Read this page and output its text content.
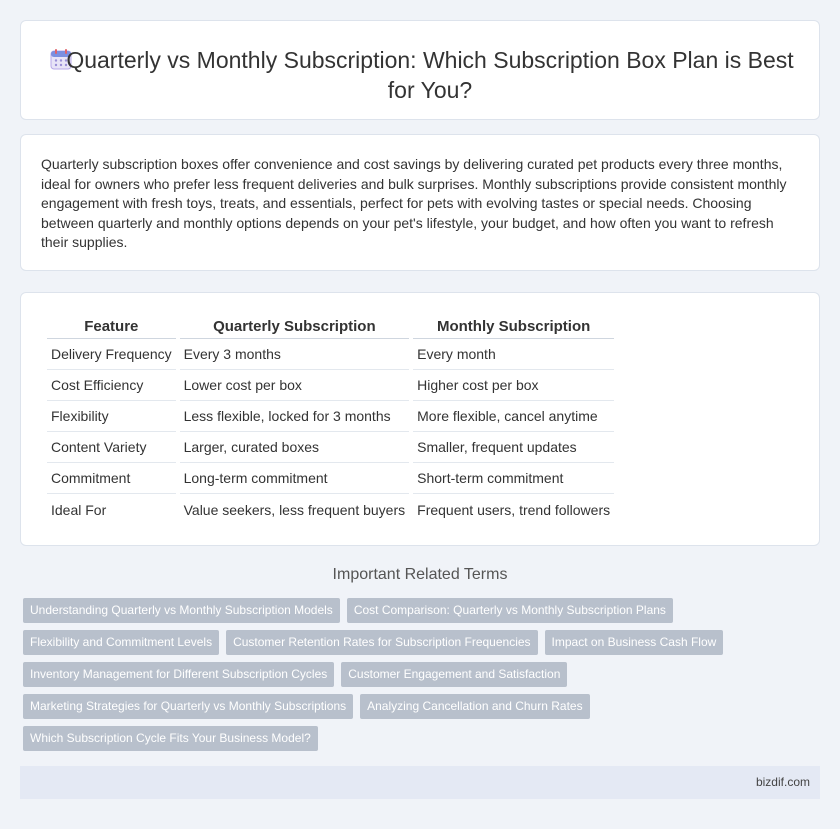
Quarterly vs Monthly Subscription: Which Subscription Box Plan is Best for You?

Quarterly subscription boxes offer convenience and cost savings by delivering curated pet products every three months, ideal for owners who prefer less frequent deliveries and bulk surprises. Monthly subscriptions provide consistent monthly engagement with fresh toys, treats, and essentials, perfect for pets with evolving tastes or special needs. Choosing between quarterly and monthly options depends on your pet's lifestyle, your budget, and how often you want to refresh their supplies.

Feature	Quarterly Subscription	Monthly Subscription
Delivery Frequency	Every 3 months	Every month
Cost Efficiency	Lower cost per box	Higher cost per box
Flexibility	Less flexible, locked for 3 months	More flexible, cancel anytime
Content Variety	Larger, curated boxes	Smaller, frequent updates
Commitment	Long-term commitment	Short-term commitment
Ideal For	Value seekers, less frequent buyers	Frequent users, trend followers
Important Related Terms
Understanding Quarterly vs Monthly Subscription Models	Cost Comparison: Quarterly vs Monthly Subscription Plans
Flexibility and Commitment Levels	Customer Retention Rates for Subscription Frequencies	Impact on Business Cash Flow
Inventory Management for Different Subscription Cycles	Customer Engagement and Satisfaction
Marketing Strategies for Quarterly vs Monthly Subscriptions	Analyzing Cancellation and Churn Rates
Which Subscription Cycle Fits Your Business Model?
bizdif.com
